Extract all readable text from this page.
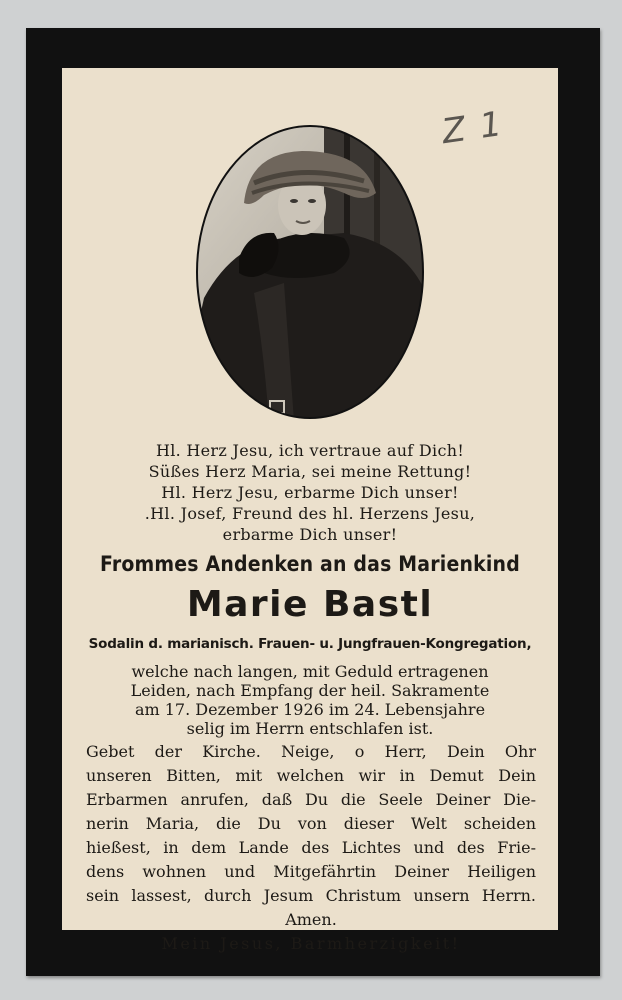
Z 1
Hl. Herz Jesu, ich vertraue auf Dich!
Süßes Herz Maria, sei meine Rettung!
Hl. Herz Jesu, erbarme Dich unser!
.Hl. Josef, Freund des hl. Herzens Jesu,
erbarme Dich unser!
Frommes Andenken an das Marienkind
Marie Bastl
Sodalin d. marianisch. Frauen- u. Jungfrauen-Kongregation,
welche nach langen, mit Geduld ertragenen
Leiden, nach Empfang der heil. Sakramente
am 17. Dezember 1926 im 24. Lebensjahre
selig im Herrn entschlafen ist.
Gebet der Kirche. Neige, o Herr, Dein Ohr
unseren Bitten, mit welchen wir in Demut Dein
Erbarmen anrufen, daß Du die Seele Deiner Die-
nerin Maria, die Du von dieser Welt scheiden
hießest, in dem Lande des Lichtes und des Frie-
dens wohnen und Mitgefährtin Deiner Heiligen
sein lassest, durch Jesum Christum unsern Herrn.
Amen.
Mein Jesus, Barmherzigkeit!
